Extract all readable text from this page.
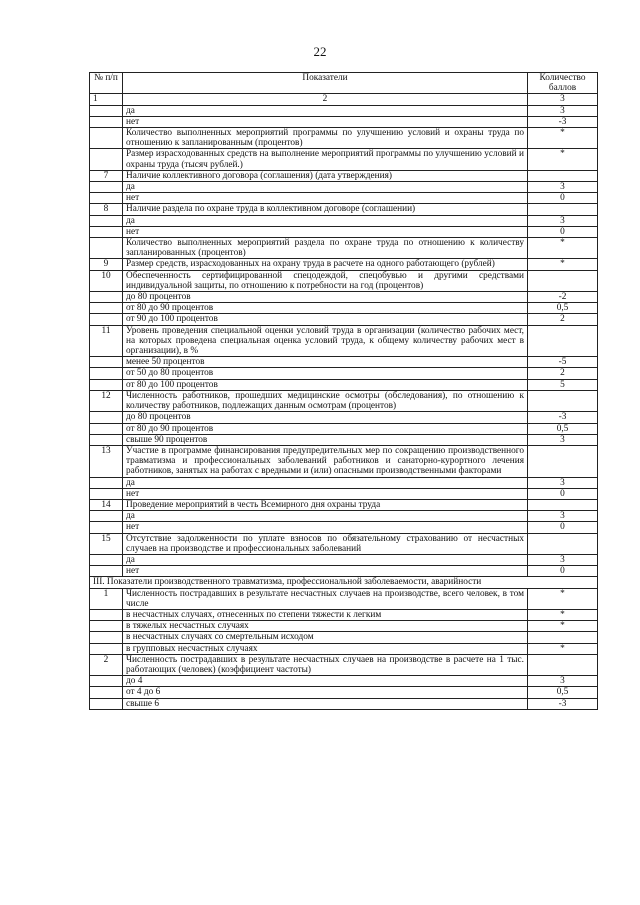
22
№ п/п	Показатели	Количество баллов
1	2	3
	да	3
	нет	-3
	Количество выполненных мероприятий программы по улучшению условий и охраны труда по отношению к запланированным (процентов)	*
	Размер израсходованных средств на выполнение мероприятий программы по улучшению условий и охраны труда (тысяч рублей.)	*
7	Наличие коллективного договора (соглашения) (дата утверждения)	
	да	3
	нет	0
8	Наличие раздела по охране труда в коллективном договоре (соглашении)	
	да	3
	нет	0
	Количество выполненных мероприятий раздела по охране труда по отношению к количеству запланированных (процентов)	*
9	Размер средств, израсходованных на охрану труда в расчете на одного работающего (рублей)	*
10	Обеспеченность сертифицированной спецодеждой, спецобувью и другими средствами индивидуальной защиты, по отношению к потребности на год (процентов)	
	до 80 процентов	-2
	от 80 до 90 процентов	0,5
	от 90 до 100 процентов	2
11	Уровень проведения специальной оценки условий труда в организации (количество рабочих мест, на которых проведена специальная оценка условий труда, к общему количеству рабочих мест в организации), в %	
	менее 50 процентов	-5
	от 50 до 80 процентов	2
	от 80 до 100 процентов	5
12	Численность работников, прошедших медицинские осмотры (обследования), по отношению к количеству работников, подлежащих данным осмотрам (процентов)	
	до 80 процентов	-3
	от 80 до 90 процентов	0,5
	свыше 90 процентов	3
13	Участие в программе финансирования предупредительных мер по сокращению производственного травматизма и профессиональных заболеваний работников и санаторно-курортного лечения работников, занятых на работах с вредными и (или) опасными производственными факторами	
	да	3
	нет	0
14	Проведение мероприятий в честь Всемирного дня охраны труда	
	да	3
	нет	0
15	Отсутствие задолженности по уплате взносов по обязательному страхованию от несчастных случаев на производстве и профессиональных заболеваний	
	да	3
	нет	0
III. Показатели производственного травматизма, профессиональной заболеваемости, аварийности		
1	Численность пострадавших в результате несчастных случаев на производстве, всего человек, в том числе	*
	в несчастных случаях, отнесенных по степени тяжести к легким	*
	в тяжелых несчастных случаях	*
	в несчастных случаях со смертельным исходом	
	в групповых несчастных случаях	*
2	Численность пострадавших в результате несчастных случаев на производстве в расчете на 1 тыс. работающих (человек) (коэффициент частоты)	
	до 4	3
	от 4 до 6	0,5
	свыше 6	-3
